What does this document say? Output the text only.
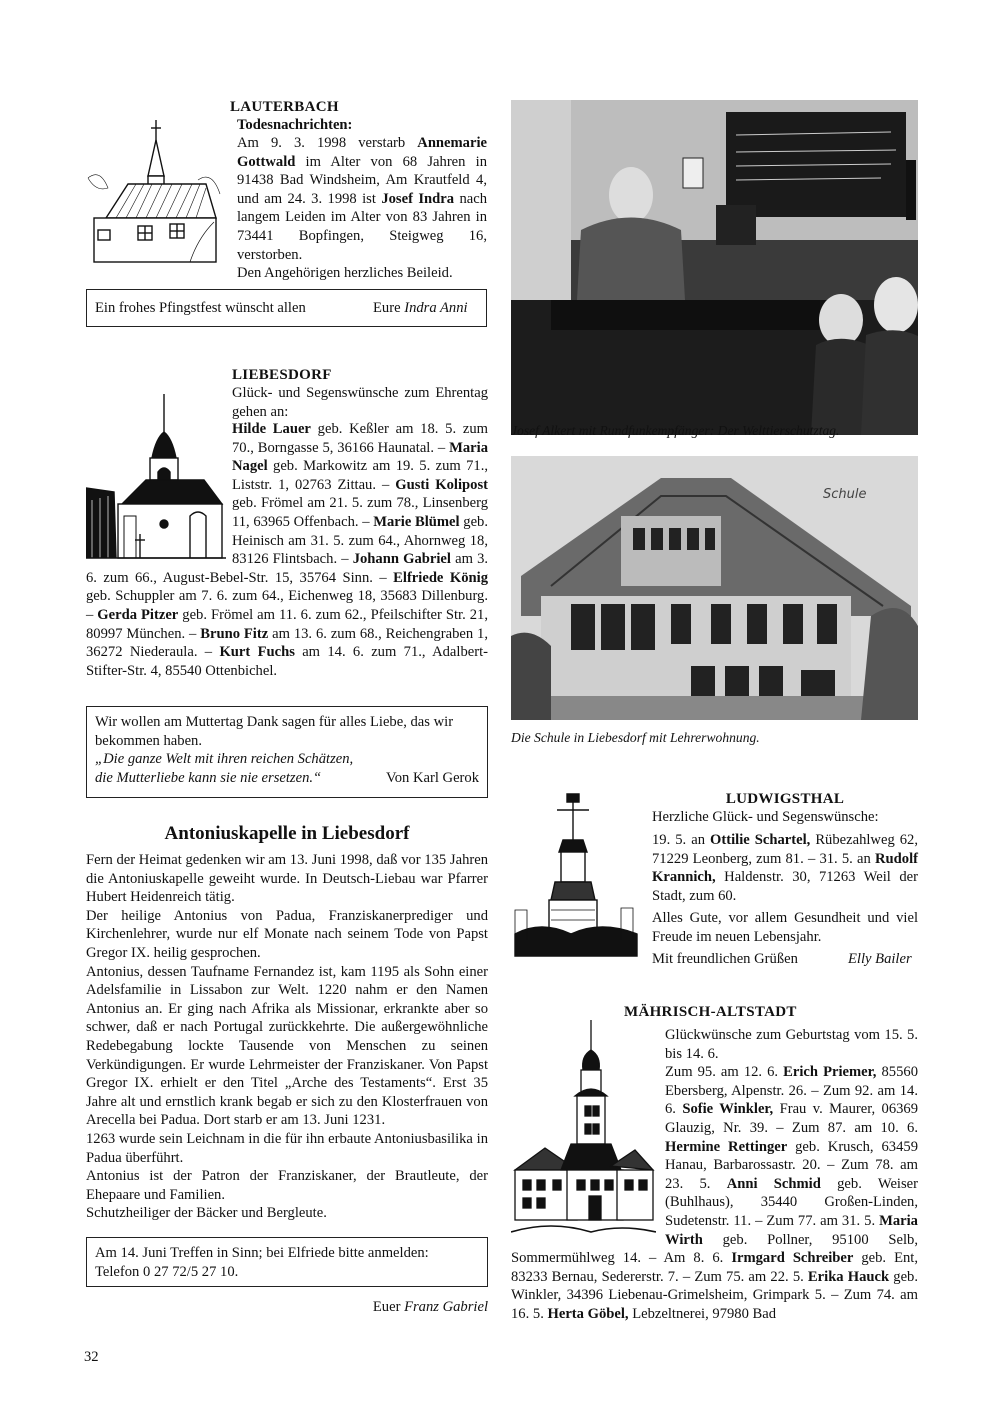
LAUTERBACH
Todesnachrichten:
Am 9. 3. 1998 verstarb Annemarie Gottwald im Alter von 68 Jahren in 91438 Bad Windsheim, Am Krautfeld 4, und am 24. 3. 1998 ist Josef Indra nach langem Leiden im Alter von 83 Jahren in 73441 Bopfingen, Steigweg 16, verstorben.
Den Angehörigen herzliches Beileid.
Ein frohes Pfingstfest wünscht allen	Eure Indra Anni
Josef Alkert mit Rundfunkempfänger: Der Welttierschutztag.
LIEBESDORF
Glück- und Segenswünsche zum Ehrentag gehen an:
Hilde Lauer geb. Keßler am 18. 5. zum 70., Borngasse 5, 36166 Haunatal. – Maria Nagel geb. Markowitz am 19. 5. zum 71., Liststr. 1, 02763 Zittau. – Gusti Kolipost geb. Frömel am 21. 5. zum 78., Linsenberg 11, 63965 Offenbach. – Marie Blümel geb. Heinisch am 31. 5. zum 64., Ahornweg 18, 83126 Flintsbach. – Johann Gabriel am 3. 6. zum 66., August-Bebel-Str. 15, 35764 Sinn. – Elfriede König geb. Schuppler am 7. 6. zum 64., Eichenweg 18, 35683 Dillenburg. – Gerda Pitzer geb. Frömel am 11. 6. zum 62., Pfeilschifter Str. 21, 80997 München. – Bruno Fitz am 13. 6. zum 68., Reichengraben 1, 36272 Niederaula. – Kurt Fuchs am 14. 6. zum 71., Adalbert-Stifter-Str. 4, 85540 Ottenbichel.
Wir wollen am Muttertag Dank sagen für alles Liebe, das wir bekommen haben.
„Die ganze Welt mit ihren reichen Schätzen,
die Mutterliebe kann sie nie ersetzen.“	Von Karl Gerok
Antoniuskapelle in Liebesdorf
Fern der Heimat gedenken wir am 13. Juni 1998, daß vor 135 Jahren die Antoniuskapelle geweiht wurde. In Deutsch-Liebau war Pfarrer Hubert Heidenreich tätig.
Der heilige Antonius von Padua, Franziskanerprediger und Kirchenlehrer, wurde nur elf Monate nach seinem Tode von Papst Gregor IX. heilig gesprochen.
Antonius, dessen Taufname Fernandez ist, kam 1195 als Sohn einer Adelsfamilie in Lissabon zur Welt. 1220 nahm er den Namen Antonius an. Er ging nach Afrika als Missionar, erkrankte aber so schwer, daß er nach Portugal zurückkehrte. Die außergewöhnliche Redebegabung lockte Tausende von Menschen zu seinen Verkündigungen. Er wurde Lehrmeister der Franziskaner. Von Papst Gregor IX. erhielt er den Titel „Arche des Testaments“. Erst 35 Jahre alt und ernstlich krank begab er sich zu den Klosterfrauen von Arecella bei Padua. Dort starb er am 13. Juni 1231.
1263 wurde sein Leichnam in die für ihn erbaute Antoniusbasilika in Padua überführt.
Antonius ist der Patron der Franziskaner, der Brautleute, der Ehepaare und Familien.
Schutzheiliger der Bäcker und Bergleute.
Am 14. Juni Treffen in Sinn; bei Elfriede bitte anmelden:
Telefon 0 27 72/5 27 10.
Euer Franz Gabriel
Schule
Die Schule in Liebesdorf mit Lehrerwohnung.
LUDWIGSTHAL
Herzliche Glück- und Segenswünsche:
19. 5. an Ottilie Schartel, Rübezahlweg 62, 71229 Leonberg, zum 81. – 31. 5. an Rudolf Krannich, Haldenstr. 30, 71263 Weil der Stadt, zum 60.
Alles Gute, vor allem Gesundheit und viel Freude im neuen Lebensjahr.
Mit freundlichen Grüßen	Elly Bailer
MÄHRISCH-ALTSTADT
Glückwünsche zum Geburtstag vom 15. 5. bis 14. 6.
Zum 95. am 12. 6. Erich Priemer, 85560 Ebersberg, Alpenstr. 26. – Zum 92. am 14. 6. Sofie Winkler, Frau v. Maurer, 06369 Glauzig, Nr. 39. – Zum 87. am 10. 6. Hermine Rettinger geb. Krusch, 63459 Hanau, Barbarossastr. 20. – Zum 78. am 23. 5. Anni Schmid geb. Weiser (Buhlhaus), 35440 Großen-Linden, Sudetenstr. 11. – Zum 77. am 31. 5. Maria Wirth geb. Pollner, 95100 Selb, Sommermühlweg 14. – Am 8. 6. Irmgard Schreiber geb. Ent, 83233 Bernau, Sedererstr. 7. – Zum 75. am 22. 5. Erika Hauck geb. Winkler, 34396 Liebenau-Grimelsheim, Grimpark 5. – Zum 74. am 16. 5. Herta Göbel, Lebzeltnerei, 97980 Bad
32
